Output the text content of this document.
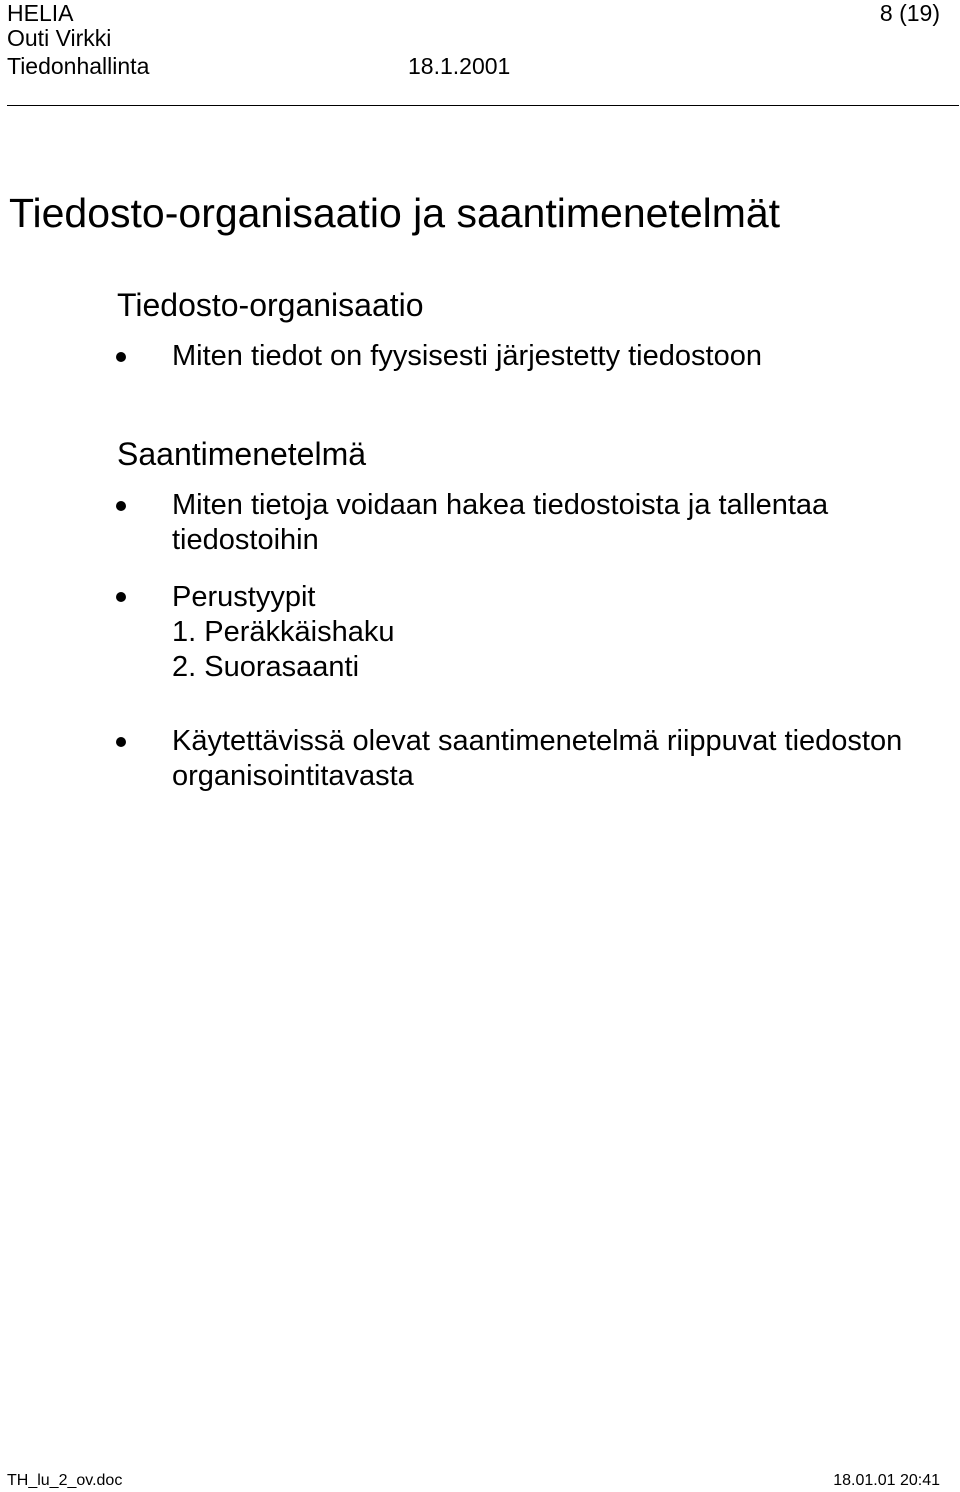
HELIA	8 (19)
Outi Virkki
Tiedonhallinta	18.1.2001
Tiedosto-organisaatio ja saantimenetelmät
Tiedosto-organisaatio
Miten tiedot on fyysisesti järjestetty tiedostoon
Saantimenetelmä
Miten tietoja voidaan hakea tiedostoista ja tallentaa
tiedostoihin
Perustyypit
1. Peräkkäishaku
2. Suorasaanti
Käytettävissä olevat saantimenetelmä riippuvat tiedoston
organisointitavasta
TH_lu_2_ov.doc	18.01.01 20:41
